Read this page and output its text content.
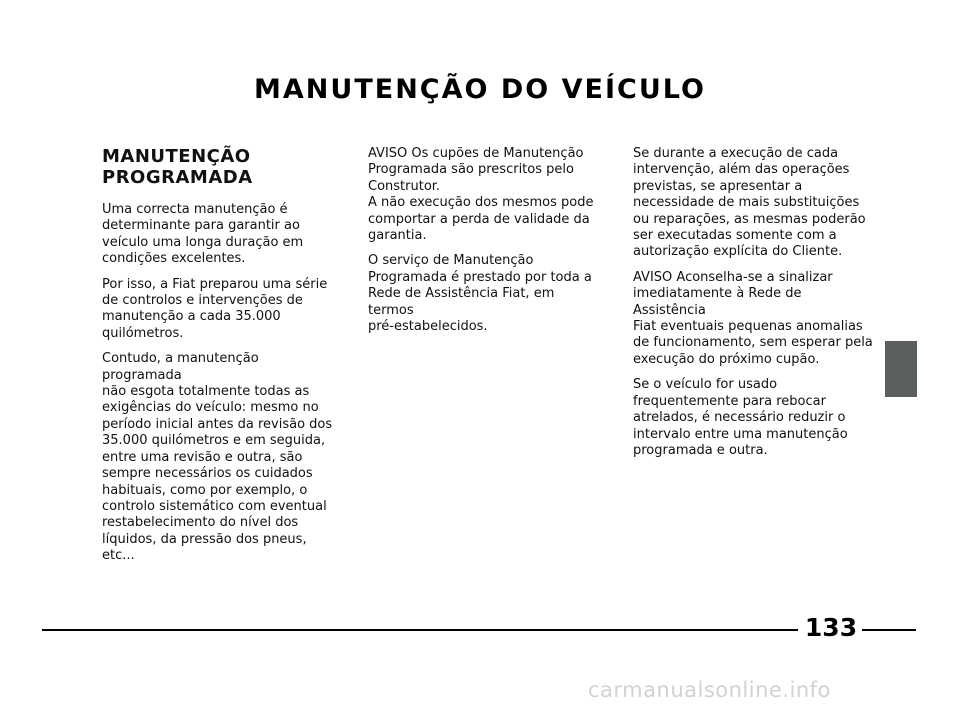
MANUTENÇÃO DO VEÍCULO
MANUTENÇÃO
PROGRAMADA

Uma correcta manutenção é
determinante para garantir ao
veículo uma longa duração em
condições excelentes.

Por isso, a Fiat preparou uma série
de controlos e intervenções de
manutenção a cada 35.000
quilómetros.

Contudo, a manutenção programada
não esgota totalmente todas as
exigências do veículo: mesmo no
período inicial antes da revisão dos
35.000 quilómetros e em seguida,
entre uma revisão e outra, são
sempre necessários os cuidados
habituais, como por exemplo, o
controlo sistemático com eventual
restabelecimento do nível dos
líquidos, da pressão dos pneus, etc...

AVISO Os cupões de Manutenção
Programada são prescritos pelo
Construtor.
A não execução dos mesmos pode
comportar a perda de validade da
garantia.

O serviço de Manutenção
Programada é prestado por toda a
Rede de Assistência Fiat, em termos
pré-estabelecidos.

Se durante a execução de cada
intervenção, além das operações
previstas, se apresentar a
necessidade de mais substituições
ou reparações, as mesmas poderão
ser executadas somente com a
autorização explícita do Cliente.

AVISO Aconselha-se a sinalizar
imediatamente à Rede de Assistência
Fiat eventuais pequenas anomalias
de funcionamento, sem esperar pela
execução do próximo cupão.

Se o veículo for usado
frequentemente para rebocar
atrelados, é necessário reduzir o
intervalo entre uma manutenção
programada e outra.

133
carmanualsonline.info
